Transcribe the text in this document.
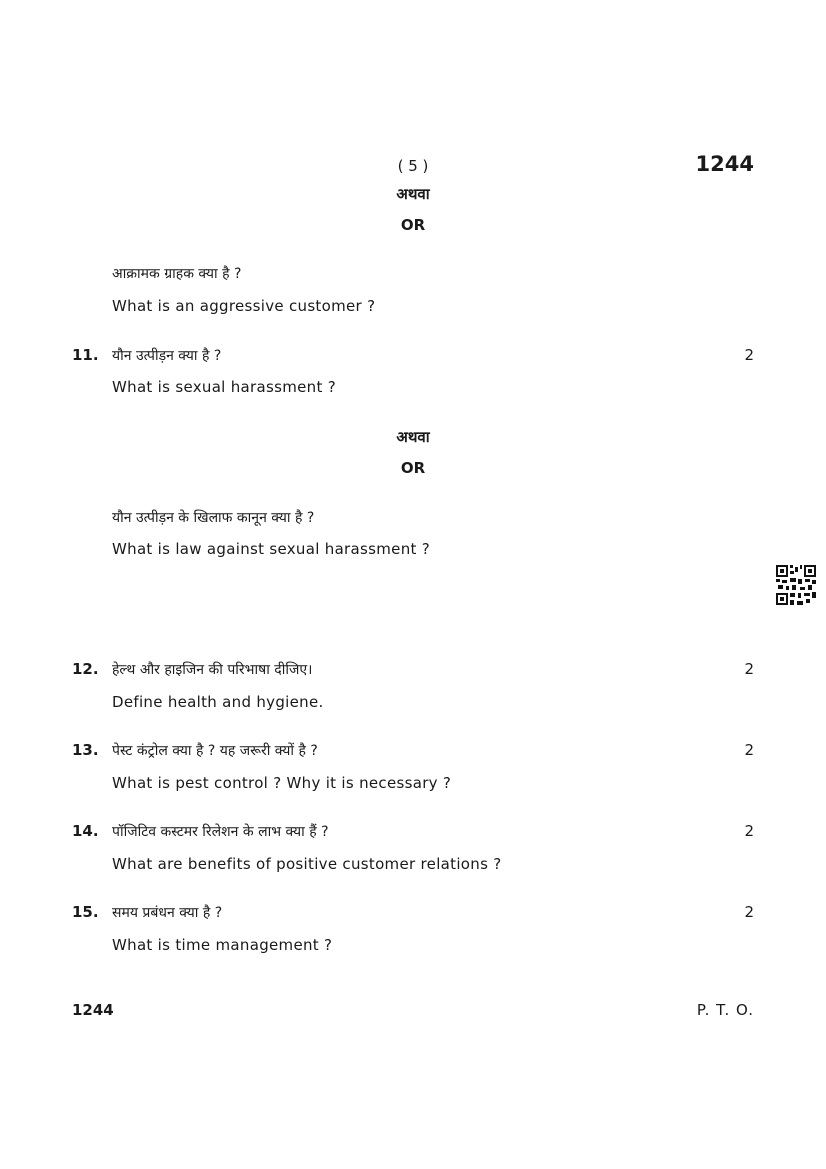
( 5 )	1244
अथवा
OR
आक्रामक ग्राहक क्या है ?
What is an aggressive customer ?
11. यौन उत्पीड़न क्या है ?	2
What is sexual harassment ?
अथवा
OR
यौन उत्पीड़न के खिलाफ कानून क्या है ?
What is law against sexual harassment ?
12. हेल्थ और हाइजिन की परिभाषा दीजिए।	2
Define health and hygiene.
13. पेस्ट कंट्रोल क्या है ? यह जरूरी क्यों है ?	2
What is pest control ? Why it is necessary ?
14. पॉजिटिव कस्टमर रिलेशन के लाभ क्या हैं ?	2
What are benefits of positive customer relations ?
15. समय प्रबंधन क्या है ?	2
What is time management ?
1244	P. T. O.
